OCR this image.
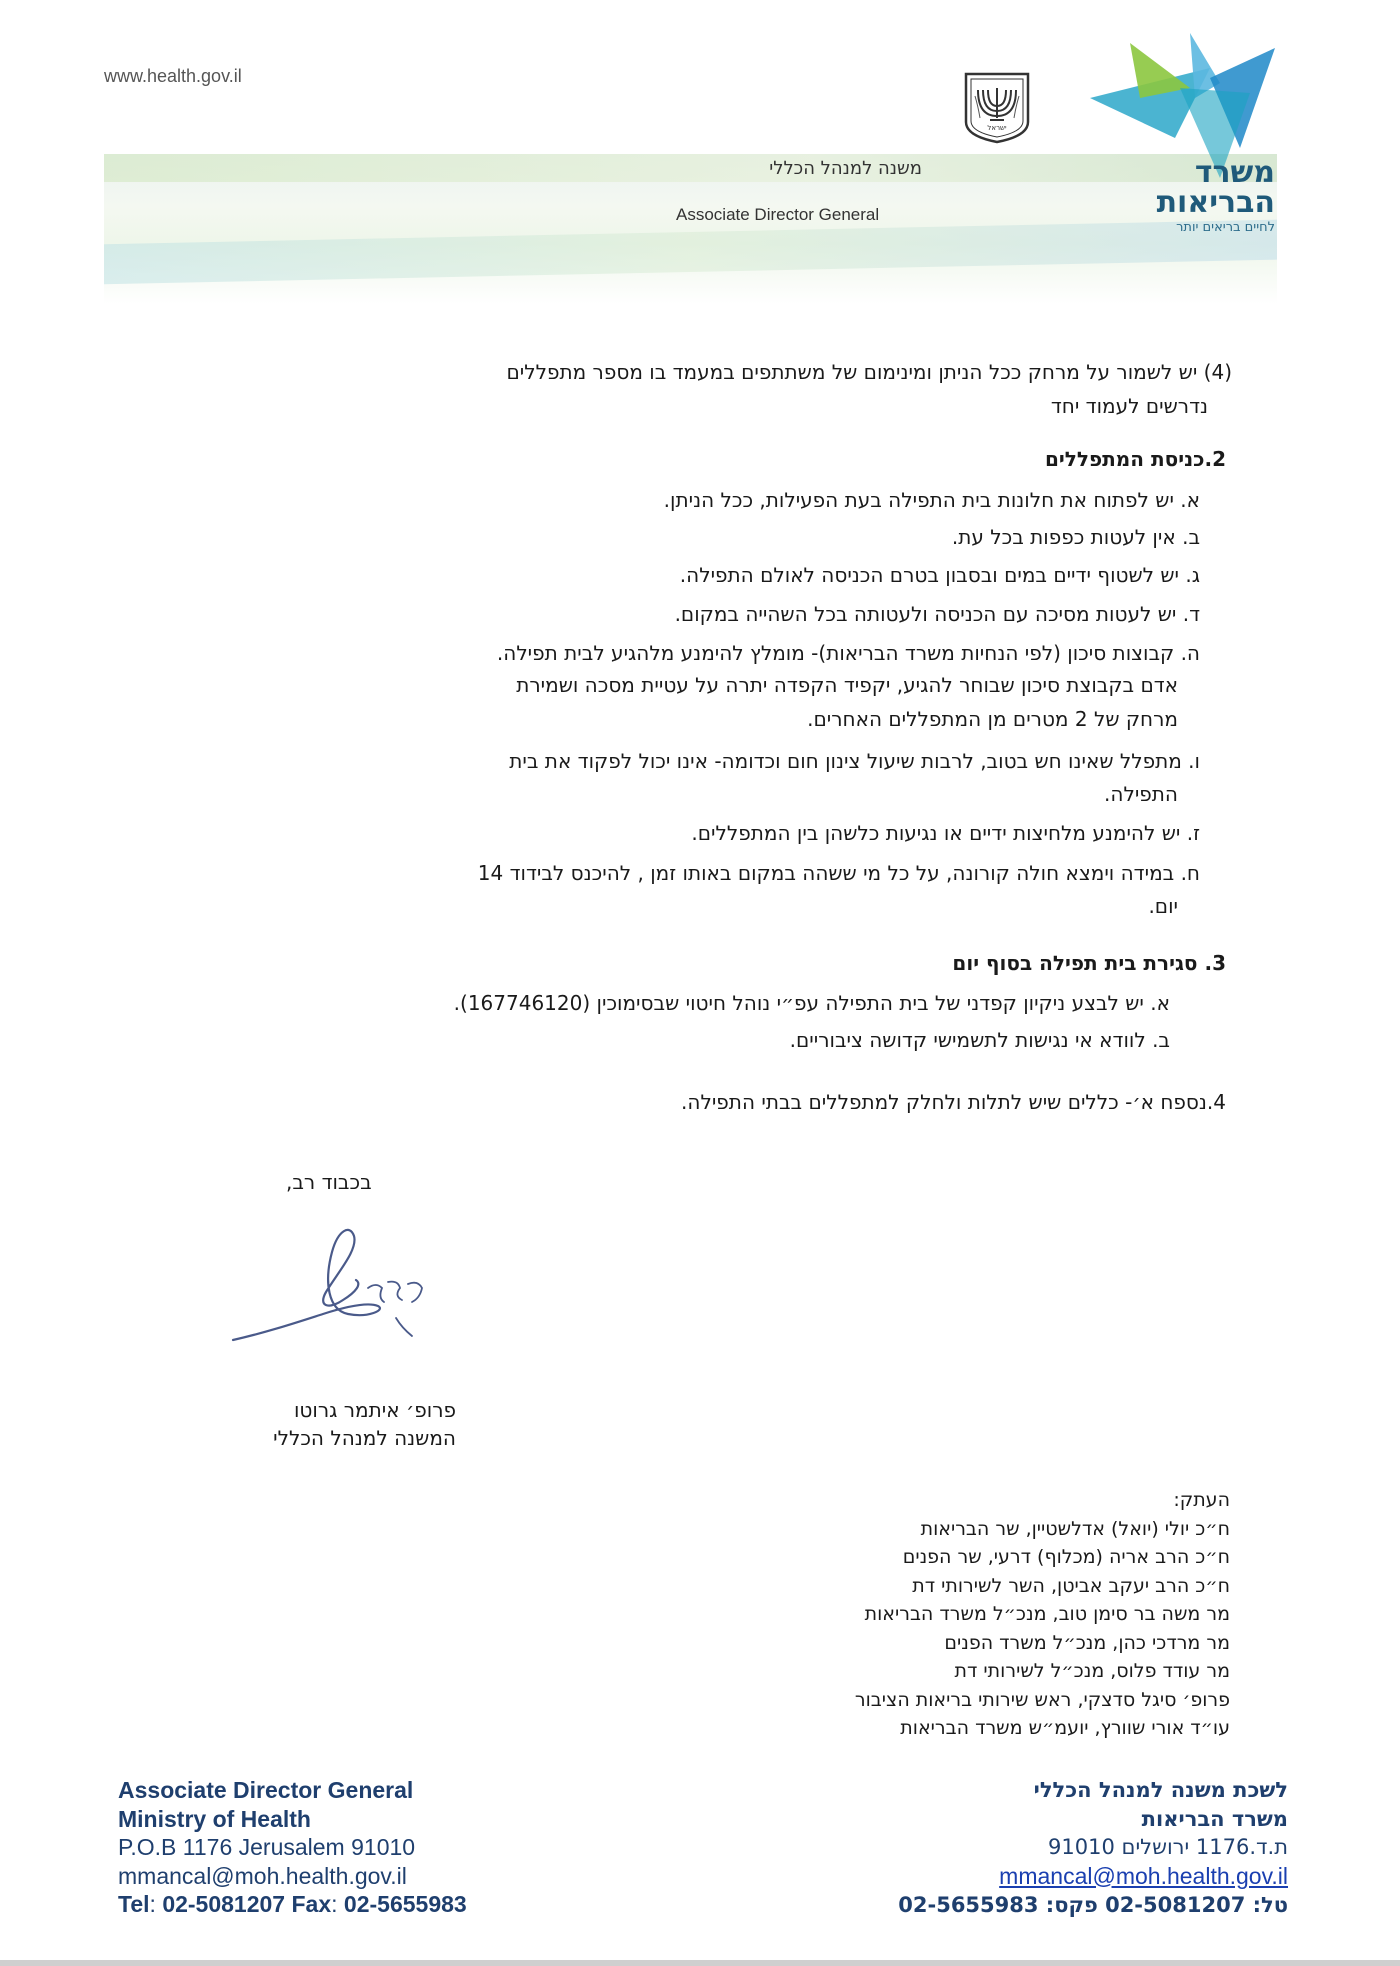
www.health.gov.il
משנה למנהל הכללי
Associate Director General
ישראל
משרד
הבריאות
לחיים בריאים יותר
(4) יש לשמור על מרחק ככל הניתן ומינימום של משתתפים במעמד בו מספר מתפללים
נדרשים לעמוד יחד
2.כניסת המתפללים
א. יש לפתוח את חלונות בית התפילה בעת הפעילות, ככל הניתן.
ב. אין לעטות כפפות בכל עת.
ג. יש לשטוף ידיים במים ובסבון בטרם הכניסה לאולם התפילה.
ד. יש לעטות מסיכה עם הכניסה ולעטותה בכל השהייה במקום.
ה. קבוצות סיכון (לפי הנחיות משרד הבריאות)- מומלץ להימנע מלהגיע לבית תפילה.
אדם בקבוצת סיכון שבוחר להגיע, יקפיד הקפדה יתרה על עטיית מסכה ושמירת
מרחק של 2 מטרים מן המתפללים האחרים.
ו. מתפלל שאינו חש בטוב, לרבות שיעול צינון חום וכדומה- אינו יכול לפקוד את בית
התפילה.
ז. יש להימנע מלחיצות ידיים או נגיעות כלשהן בין המתפללים.
ח. במידה וימצא חולה קורונה, על כל מי ששהה במקום באותו זמן , להיכנס לבידוד 14
יום.
3. סגירת בית תפילה בסוף יום
א. יש לבצע ניקיון קפדני של בית התפילה עפ״י נוהל חיטוי שבסימוכין (167746120).
ב. לוודא אי נגישות לתשמישי קדושה ציבוריים.
4.נספח א׳- כללים שיש לתלות ולחלק למתפללים בבתי התפילה.
בכבוד רב,
פרופ׳ איתמר גרוטו
המשנה למנהל הכללי
העתק:
ח״כ יולי (יואל) אדלשטיין, שר הבריאות
ח״כ הרב אריה (מכלוף) דרעי, שר הפנים
ח״כ הרב יעקב אביטן, השר לשירותי דת
מר משה בר סימן טוב, מנכ״ל משרד הבריאות
מר מרדכי כהן, מנכ״ל משרד הפנים
מר עודד פלוס, מנכ״ל לשירותי דת
פרופ׳ סיגל סדצקי, ראש שירותי בריאות הציבור
עו״ד אורי שוורץ, יועמ״ש משרד הבריאות
Associate Director General
Ministry of Health
P.O.B 1176 Jerusalem 91010
mmancal@moh.health.gov.il
Tel: 02-5081207 Fax: 02-5655983
לשכת משנה למנהל הכללי
משרד הבריאות
ת.ד.1176 ירושלים 91010
mmancal@moh.health.gov.il
טל: 02-5081207 פקס: 02-5655983
